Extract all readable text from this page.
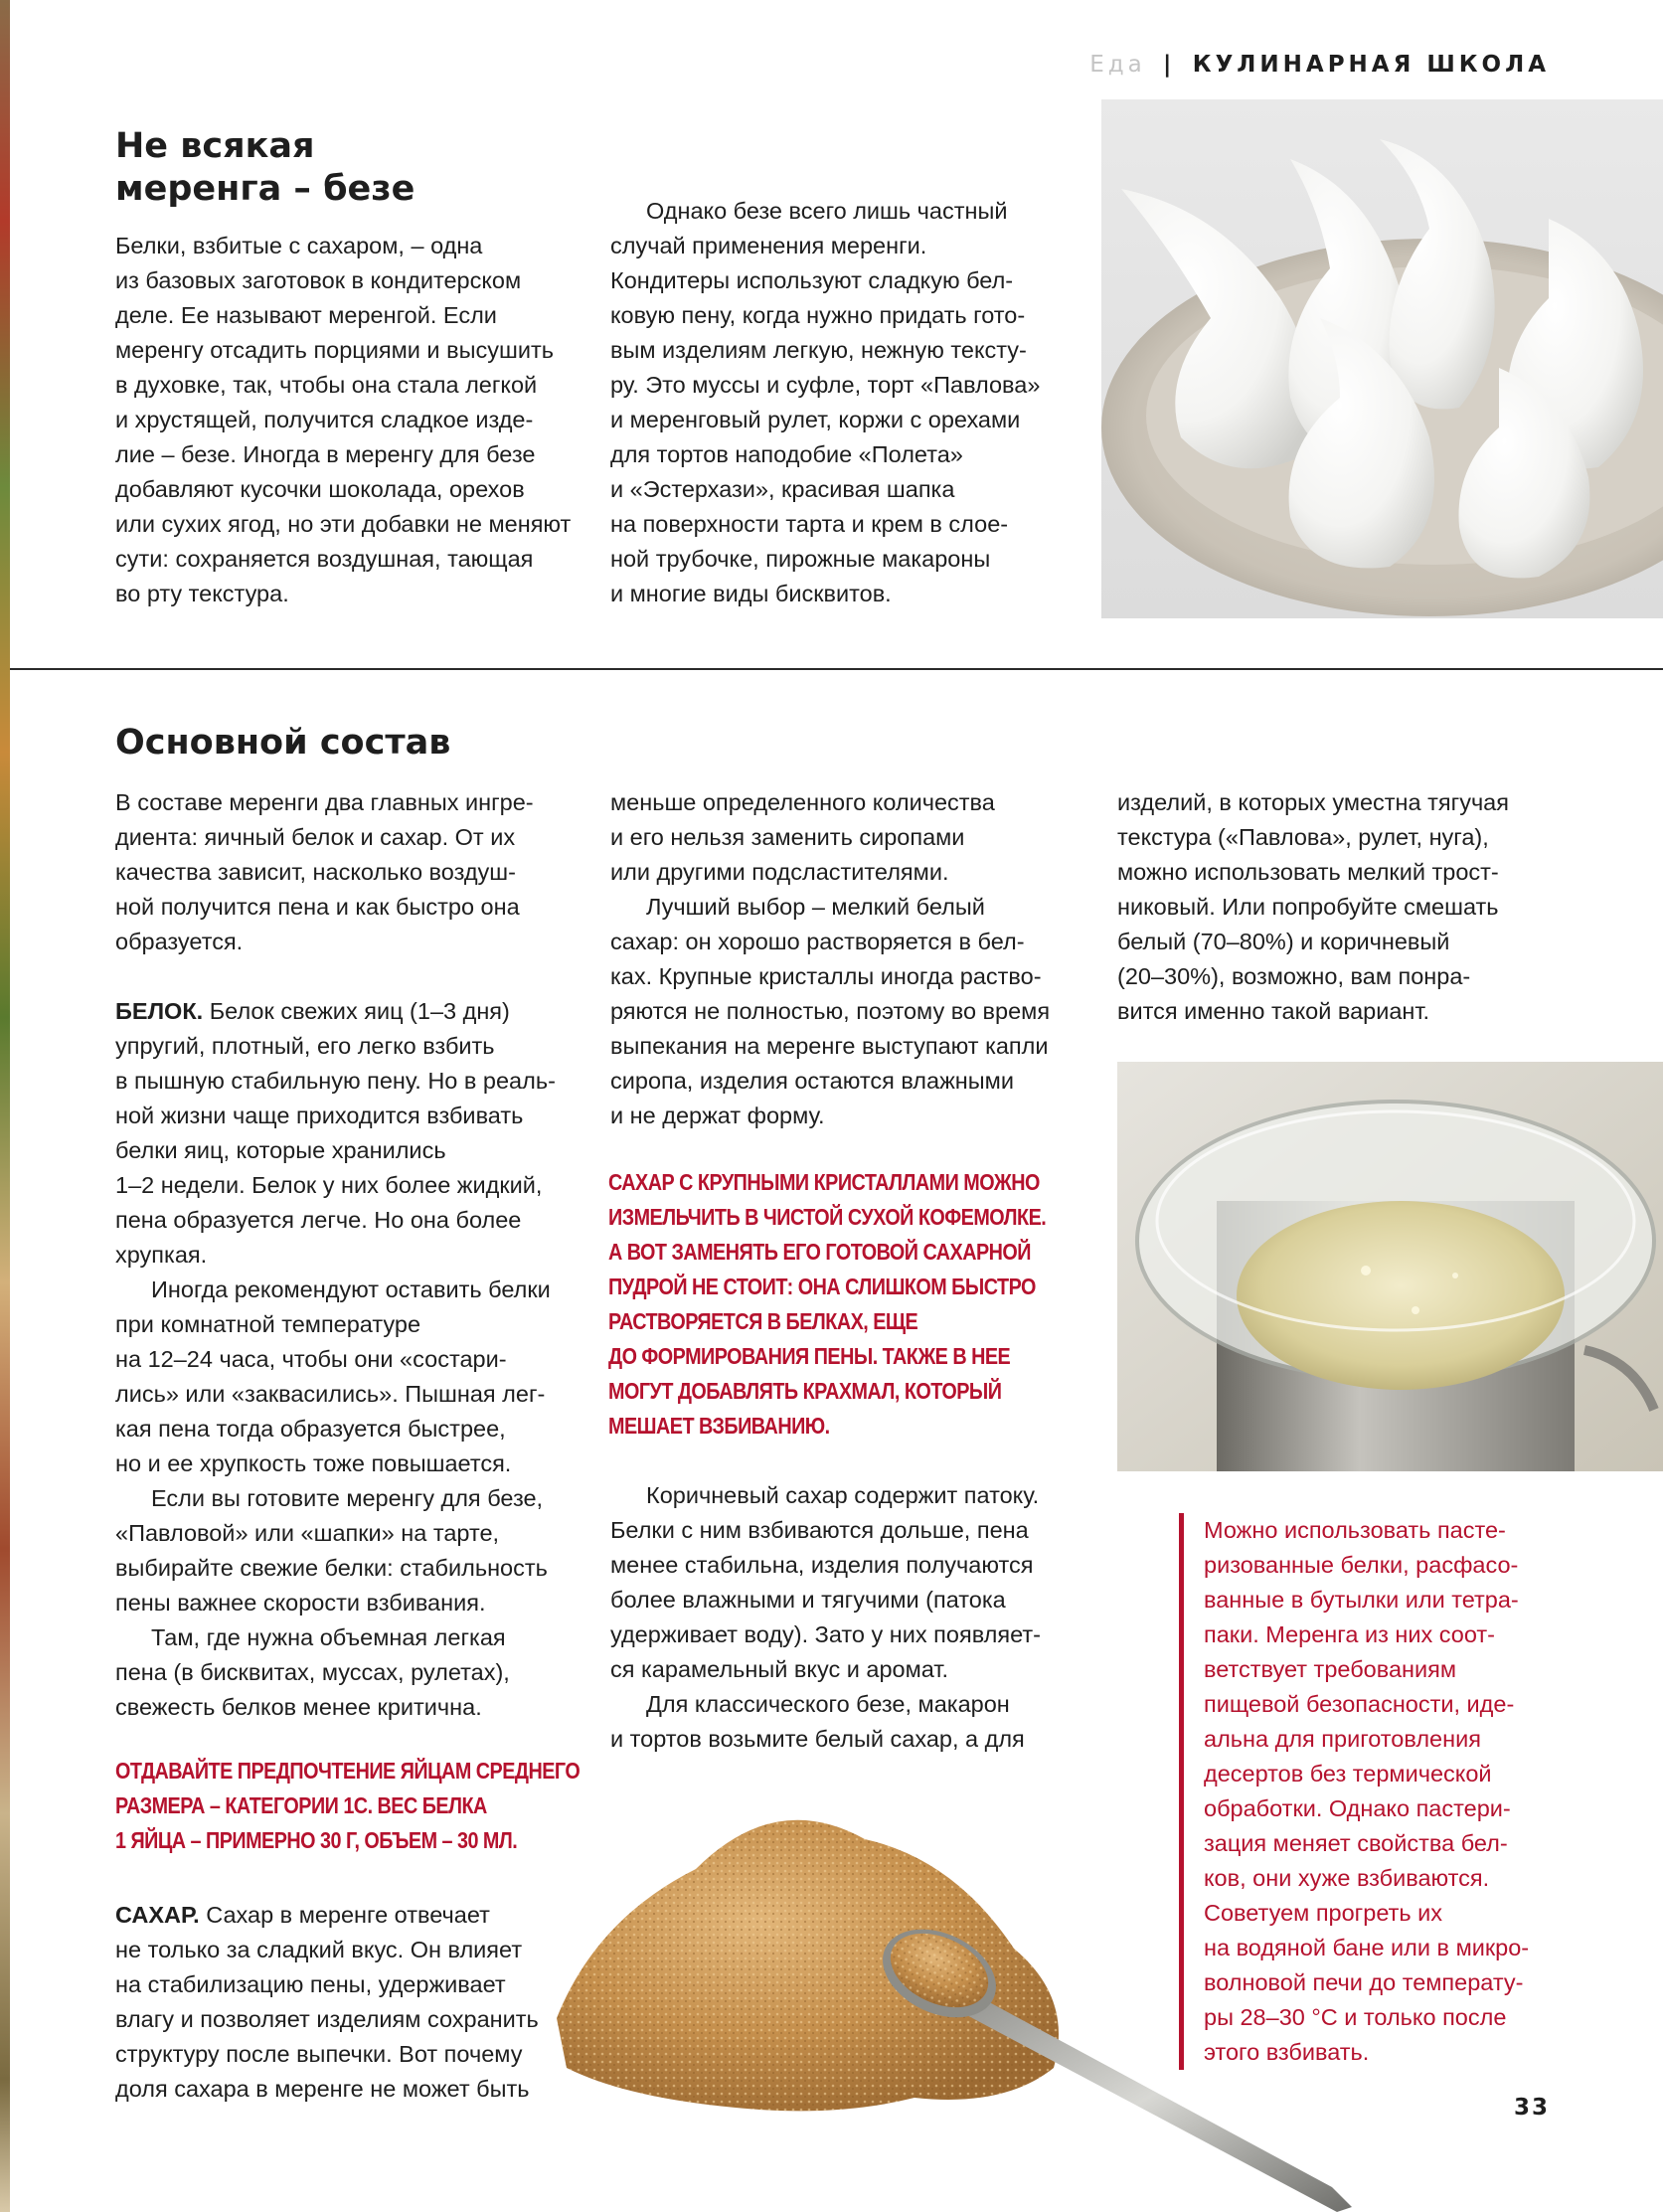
Еда | КУЛИНАРНАЯ ШКОЛА
Не всякая
меренга – безе
Белки, взбитые с сахаром, – одна
из базовых заготовок в кондитерском
деле. Ее называют меренгой. Если
меренгу отсадить порциями и высушить
в духовке, так, чтобы она стала легкой
и хрустящей, получится сладкое изде-
лие – безе. Иногда в меренгу для безе
добавляют кусочки шоколада, орехов
или сухих ягод, но эти добавки не меняют
сути: сохраняется воздушная, тающая
во рту текстура.
Однако безе всего лишь частный
случай применения меренги.
Кондитеры используют сладкую бел-
ковую пену, когда нужно придать гото-
вым изделиям легкую, нежную тексту-
ру. Это муссы и суфле, торт «Павлова»
и меренговый рулет, коржи с орехами
для тортов наподобие «Полета»
и «Эстерхази», красивая шапка
на поверхности тарта и крем в слое-
ной трубочке, пирожные макароны
и многие виды бисквитов.
Основной состав
В составе меренги два главных ингре-
диента: яичный белок и сахар. От их
качества зависит, насколько воздуш-
ной получится пена и как быстро она
образуется.
БЕЛОК. Белок свежих яиц (1–3 дня)
упругий, плотный, его легко взбить
в пышную стабильную пену. Но в реаль-
ной жизни чаще приходится взбивать
белки яиц, которые хранились
1–2 недели. Белок у них более жидкий,
пена образуется легче. Но она более
хрупкая.
Иногда рекомендуют оставить белки
при комнатной температуре
на 12–24 часа, чтобы они «состари-
лись» или «заквасились». Пышная лег-
кая пена тогда образуется быстрее,
но и ее хрупкость тоже повышается.
Если вы готовите меренгу для безе,
«Павловой» или «шапки» на тарте,
выбирайте свежие белки: стабильность
пены важнее скорости взбивания.
Там, где нужна объемная легкая
пена (в бисквитах, муссах, рулетах),
свежесть белков менее критична.
ОТДАВАЙТЕ ПРЕДПОЧТЕНИЕ ЯЙЦАМ СРЕДНЕГО
РАЗМЕРА – КАТЕГОРИИ 1С. ВЕС БЕЛКА
1 ЯЙЦА – ПРИМЕРНО 30 Г, ОБЪЕМ – 30 МЛ.
САХАР. Сахар в меренге отвечает
не только за сладкий вкус. Он влияет
на стабилизацию пены, удерживает
влагу и позволяет изделиям сохранить
структуру после выпечки. Вот почему
доля сахара в меренге не может быть
меньше определенного количества
и его нельзя заменить сиропами
или другими подсластителями.
Лучший выбор – мелкий белый
сахар: он хорошо растворяется в бел-
ках. Крупные кристаллы иногда раство-
ряются не полностью, поэтому во время
выпекания на меренге выступают капли
сиропа, изделия остаются влажными
и не держат форму.
САХАР С КРУПНЫМИ КРИСТАЛЛАМИ МОЖНО
ИЗМЕЛЬЧИТЬ В ЧИСТОЙ СУХОЙ КОФЕМОЛКЕ.
А ВОТ ЗАМЕНЯТЬ ЕГО ГОТОВОЙ САХАРНОЙ
ПУДРОЙ НЕ СТОИТ: ОНА СЛИШКОМ БЫСТРО
РАСТВОРЯЕТСЯ В БЕЛКАХ, ЕЩЕ
ДО ФОРМИРОВАНИЯ ПЕНЫ. ТАКЖЕ В НЕЕ
МОГУТ ДОБАВЛЯТЬ КРАХМАЛ, КОТОРЫЙ
МЕШАЕТ ВЗБИВАНИЮ.
Коричневый сахар содержит патоку.
Белки с ним взбиваются дольше, пена
менее стабильна, изделия получаются
более влажными и тягучими (патока
удерживает воду). Зато у них появляет-
ся карамельный вкус и аромат.
Для классического безе, макарон
и тортов возьмите белый сахар, а для
изделий, в которых уместна тягучая
текстура («Павлова», рулет, нуга),
можно использовать мелкий трост-
никовый. Или попробуйте смешать
белый (70–80%) и коричневый
(20–30%), возможно, вам понра-
вится именно такой вариант.
Можно использовать пасте-
ризованные белки, расфасо-
ванные в бутылки или тетра-
паки. Меренга из них соот-
ветствует требованиям
пищевой безопасности, иде-
альна для приготовления
десертов без термической
обработки. Однако пастери-
зация меняет свойства бел-
ков, они хуже взбиваются.
Советуем прогреть их
на водяной бане или в микро-
волновой печи до температу-
ры 28–30 °С и только после
этого взбивать.
33
